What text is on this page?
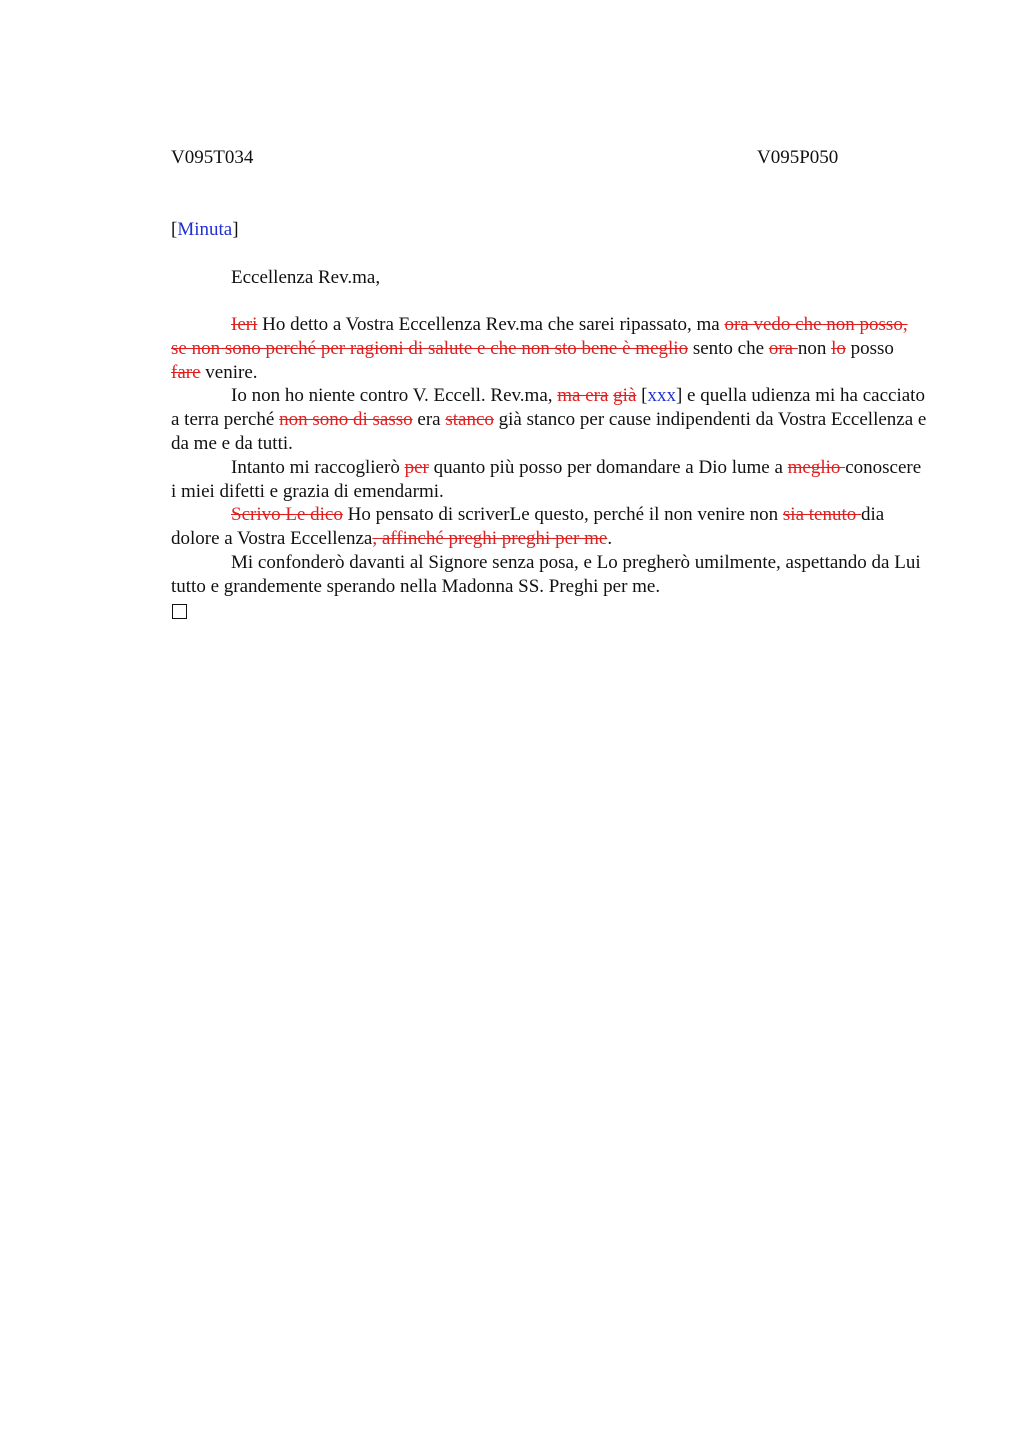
V095T034	V095P050
[Minuta]
Eccellenza Rev.ma,

Ieri Ho detto a Vostra Eccellenza Rev.ma che sarei ripassato, ma ora vedo che non posso, se non sono perché per ragioni di salute e che non sto bene è meglio sento che ora non lo posso fare venire.

Io non ho niente contro V. Eccell. Rev.ma, ma era già [xxx] e quella udienza mi ha cacciato a terra perché non sono di sasso era stanco già stanco per cause indipendenti da Vostra Eccellenza e da me e da tutti.

Intanto mi raccoglierò per quanto più posso per domandare a Dio lume a meglio conoscere i miei difetti e grazia di emendarmi.

Scrivo Le dico Ho pensato di scriverLe questo, perché il non venire non sia tenuto dia dolore a Vostra Eccellenza, affinché preghi preghi per me.

Mi confonderò davanti al Signore senza posa, e Lo pregherò umilmente, aspettando da Lui tutto e grandemente sperando nella Madonna SS. Preghi per me.
